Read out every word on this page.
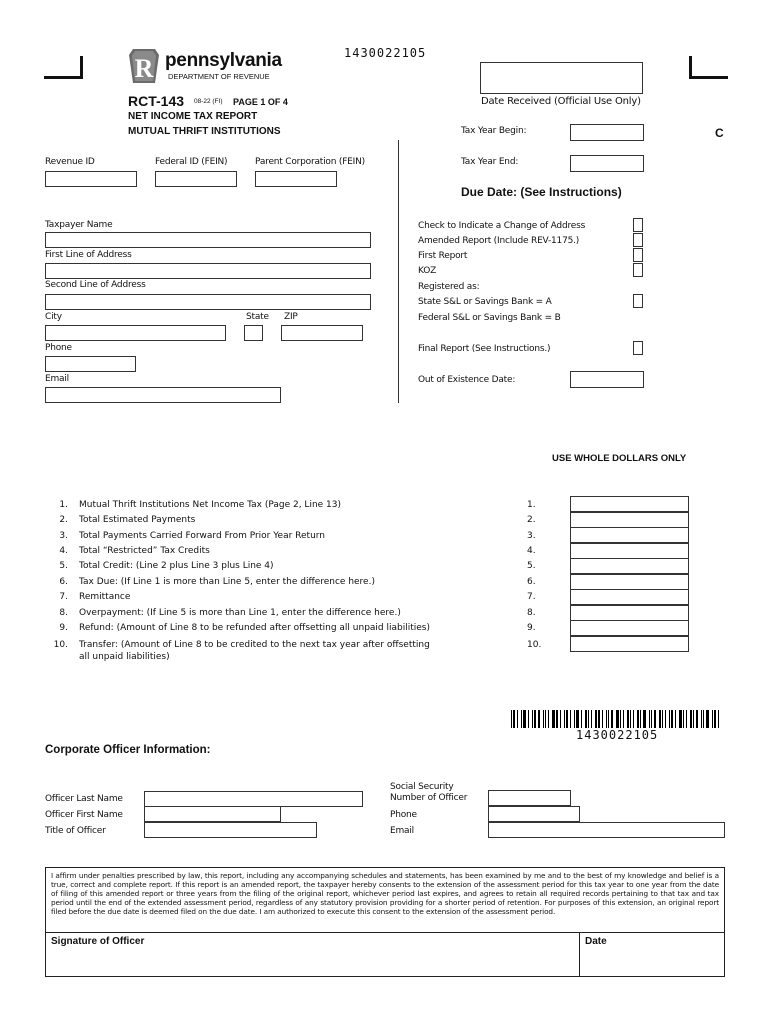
R pennsylvania
DEPARTMENT OF REVENUE
1430022105
RCT-143 08-22 (FI) PAGE 1 OF 4
NET INCOME TAX REPORT
MUTUAL THRIFT INSTITUTIONS
Date Received (Official Use Only)
Tax Year Begin:	C
Tax Year End:
Due Date: (See Instructions)
Revenue ID	Federal ID (FEIN)	Parent Corporation (FEIN)
Taxpayer Name
First Line of Address
Second Line of Address
City	State ZIP
Phone
Email
Check to Indicate a Change of Address
Amended Report (Include REV-1175.)
First Report
KOZ
Registered as:
State S&L or Savings Bank = A
Federal S&L or Savings Bank = B
Final Report (See Instructions.)
Out of Existence Date:
USE WHOLE DOLLARS ONLY
1. Mutual Thrift Institutions Net Income Tax (Page 2, Line 13)	1.
2. Total Estimated Payments	2.
3. Total Payments Carried Forward From Prior Year Return	3.
4. Total “Restricted” Tax Credits	4.
5. Total Credit: (Line 2 plus Line 3 plus Line 4)	5.
6. Tax Due: (If Line 1 is more than Line 5, enter the difference here.)	6.
7. Remittance	7.
8. Overpayment: (If Line 5 is more than Line 1, enter the difference here.)	8.
9. Refund: (Amount of Line 8 to be refunded after offsetting all unpaid liabilities)	9.
10. Transfer: (Amount of Line 8 to be credited to the next tax year after offsetting
all unpaid liabilities)
10.
1430022105
Corporate Officer Information:
Officer Last Name
Officer First Name
Title of Officer
Social Security
Number of Officer
Phone
Email
I affirm under penalties prescribed by law, this report, including any accompanying schedules and statements, has been examined by me and to the best of my knowledge and belief is a true, correct and complete report. If this report is an amended report, the taxpayer hereby consents to the extension of the assessment period for this tax year to one year from the date of filing of this amended report or three years from the filing of the original report, whichever period last expires, and agrees to retain all required records pertaining to that tax and tax period until the end of the extended assessment period, regardless of any statutory provision providing for a shorter period of retention. For purposes of this extension, an original report filed before the due date is deemed filed on the due date. I am authorized to execute this consent to the extension of the assessment period.
Signature of Officer	Date
